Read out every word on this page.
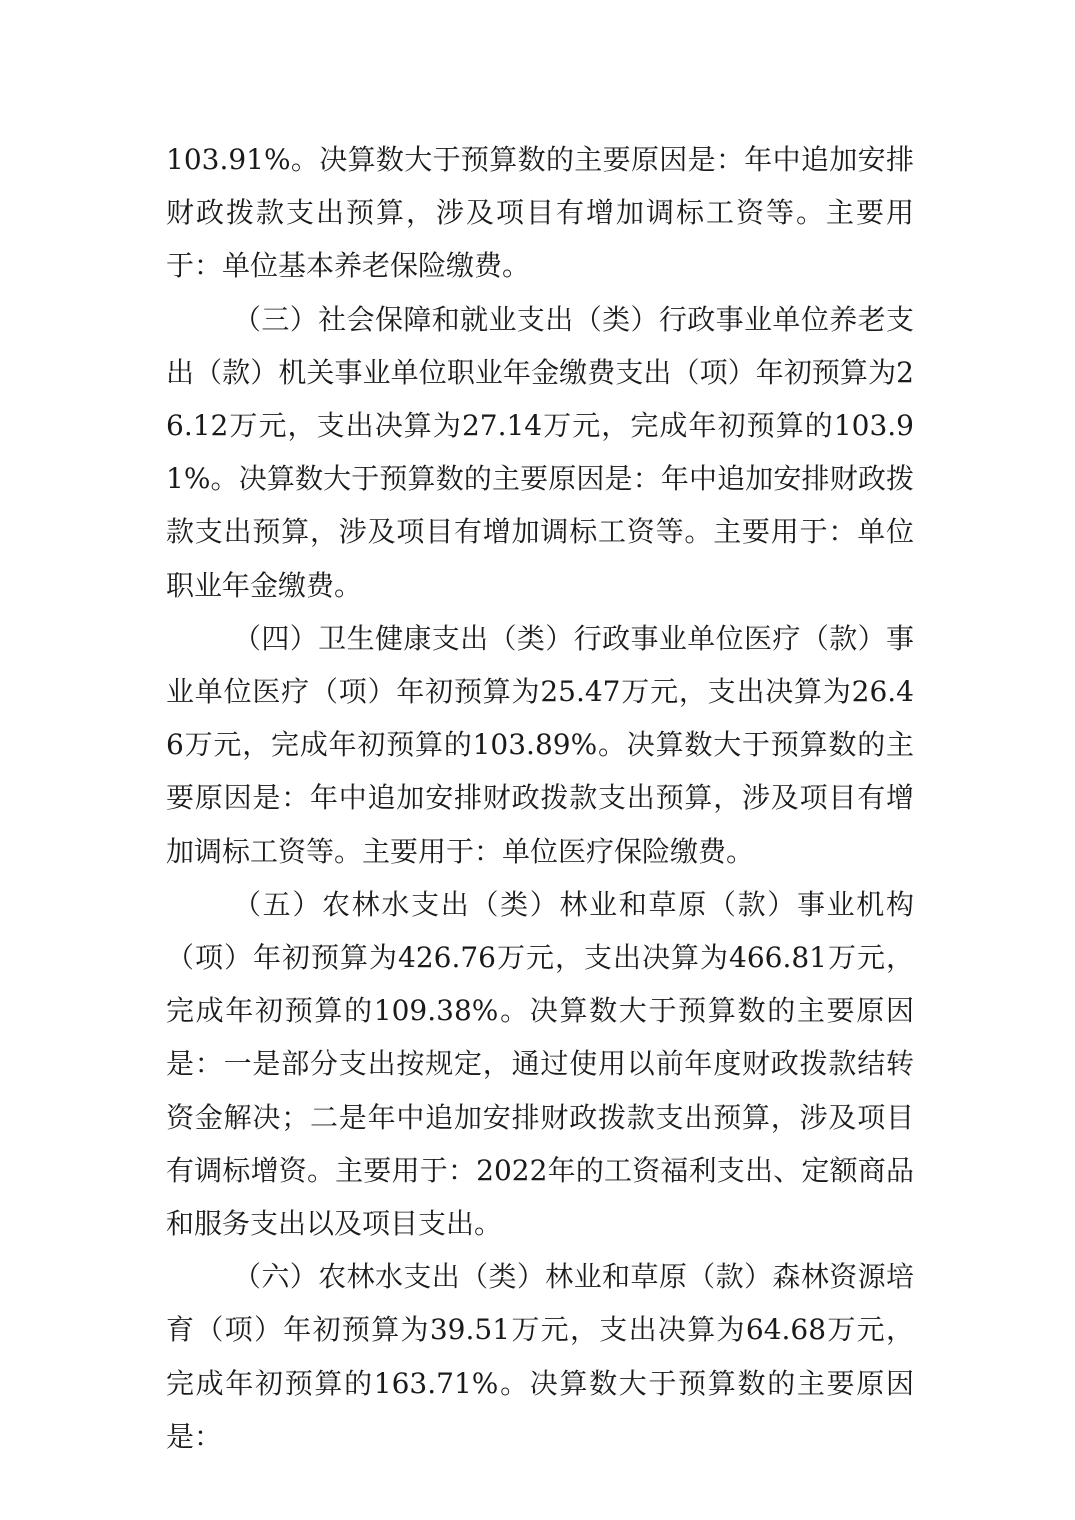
103.91%。决算数大于预算数的主要原因是：年中追加安排财政拨款支出预算，涉及项目有增加调标工资等。主要用于：单位基本养老保险缴费。

（三）社会保障和就业支出（类）行政事业单位养老支出（款）机关事业单位职业年金缴费支出（项）年初预算为26.12万元，支出决算为27.14万元，完成年初预算的103.91%。决算数大于预算数的主要原因是：年中追加安排财政拨款支出预算，涉及项目有增加调标工资等。主要用于：单位职业年金缴费。

（四）卫生健康支出（类）行政事业单位医疗（款）事业单位医疗（项）年初预算为25.47万元，支出决算为26.46万元，完成年初预算的103.89%。决算数大于预算数的主要原因是：年中追加安排财政拨款支出预算，涉及项目有增加调标工资等。主要用于：单位医疗保险缴费。

（五）农林水支出（类）林业和草原（款）事业机构（项）年初预算为426.76万元，支出决算为466.81万元，完成年初预算的109.38%。决算数大于预算数的主要原因是：一是部分支出按规定，通过使用以前年度财政拨款结转资金解决；二是年中追加安排财政拨款支出预算，涉及项目有调标增资。主要用于：2022年的工资福利支出、定额商品和服务支出以及项目支出。

（六）农林水支出（类）林业和草原（款）森林资源培育（项）年初预算为39.51万元，支出决算为64.68万元，完成年初预算的163.71%。决算数大于预算数的主要原因是：
